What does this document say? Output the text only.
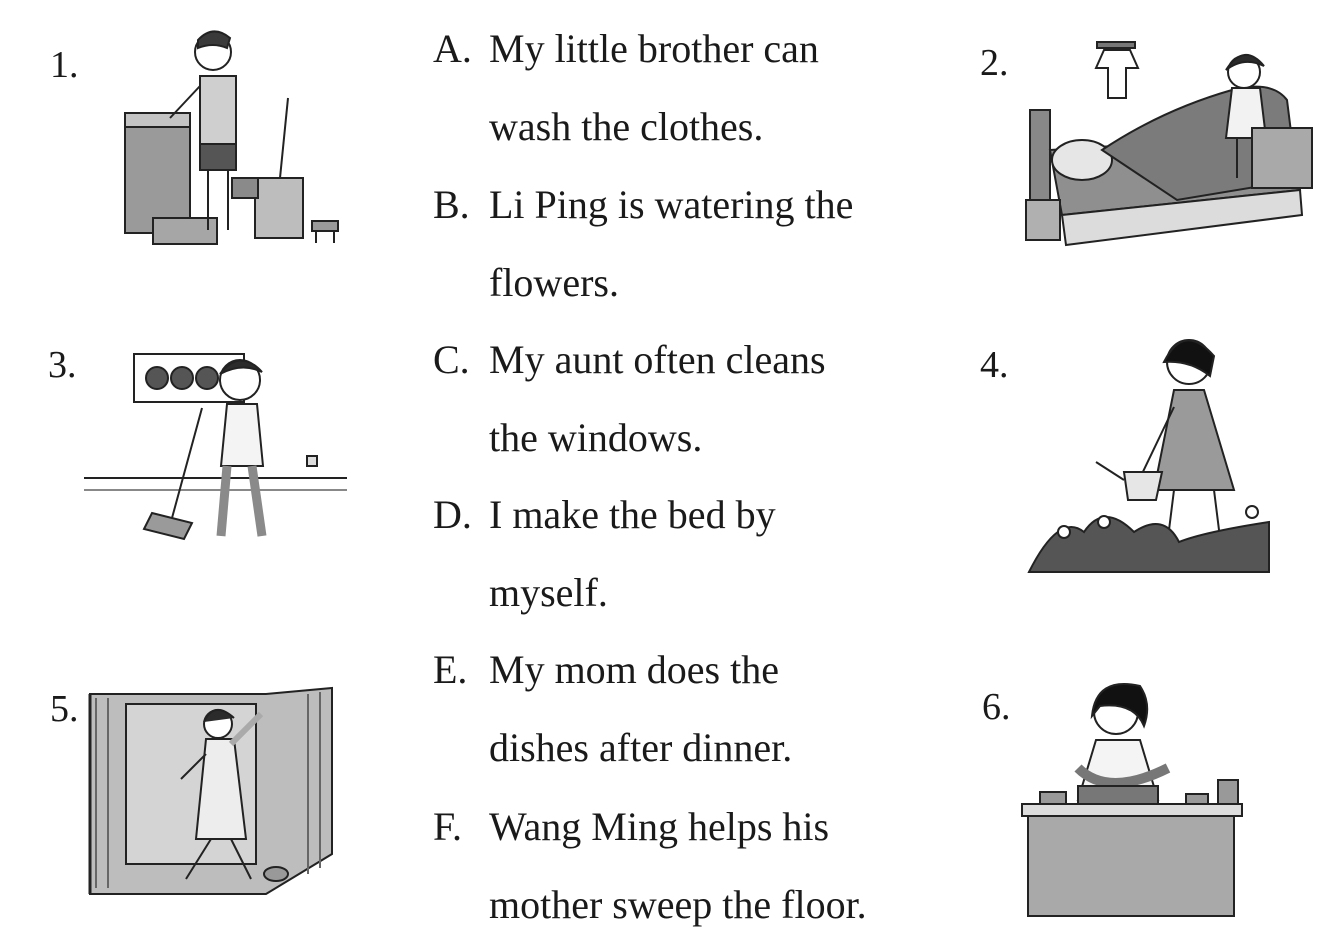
1.	2.
3.	4.
5.	6.
A. My little brother can
wash the clothes.
B. Li Ping is watering the
flowers.
C. My aunt often cleans
the windows.
D. I make the bed by
myself.
E. My mom does the
dishes after dinner.
F. Wang Ming helps his
mother sweep the floor.
